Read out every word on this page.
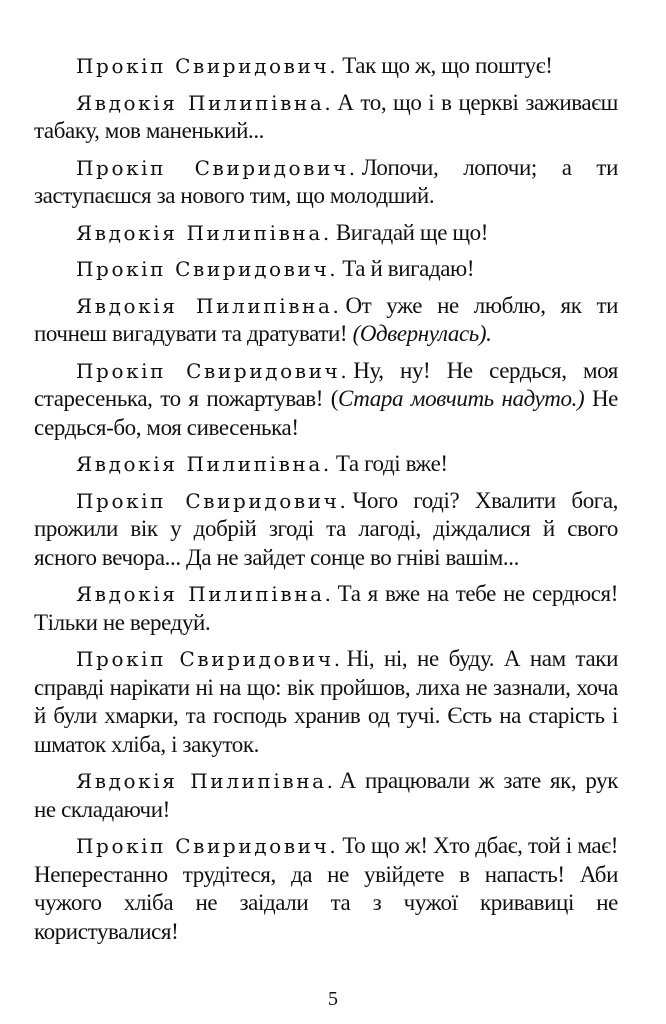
Прокіп Свиридович. Так що ж, що поштує!

Явдокія Пилипівна. А то, що і в церкві заживаєш табаку, мов маненький...

Прокіп Свиридович. Лопочи, лопочи; а ти заступаєшся за нового тим, що молодший.

Явдокія Пилипівна. Вигадай ще що!

Прокіп Свиридович. Та й вигадаю!

Явдокія Пилипівна. От уже не люблю, як ти почнеш вигадувати та дратувати! (Одвернулась).

Прокіп Свиридович. Ну, ну! Не сердься, моя старесенька, то я пожартував! (Стара мовчить надуто.) Не сердься-бо, моя сивесенька!

Явдокія Пилипівна. Та годі вже!

Прокіп Свиридович. Чого годі? Хвалити бога, прожили вік у добрій згоді та лагоді, діждалися й свого ясного вечора... Да не зайдет сонце во гніві вашім...

Явдокія Пилипівна. Та я вже на тебе не сердюся! Тільки не вередуй.

Прокіп Свиридович. Ні, ні, не буду. А нам таки справді нарікати ні на що: вік пройшов, лиха не зазнали, хоча й були хмарки, та господь хранив од тучі. Єсть на старість і шматок хліба, і закуток.

Явдокія Пилипівна. А працювали ж зате як, рук не складаючи!

Прокіп Свиридович. То що ж! Хто дбає, той і має! Неперестанно трудітеся, да не увійдете в напасть! Аби чужого хліба не заідали та з чужої кривавиці не користувалися!

5
